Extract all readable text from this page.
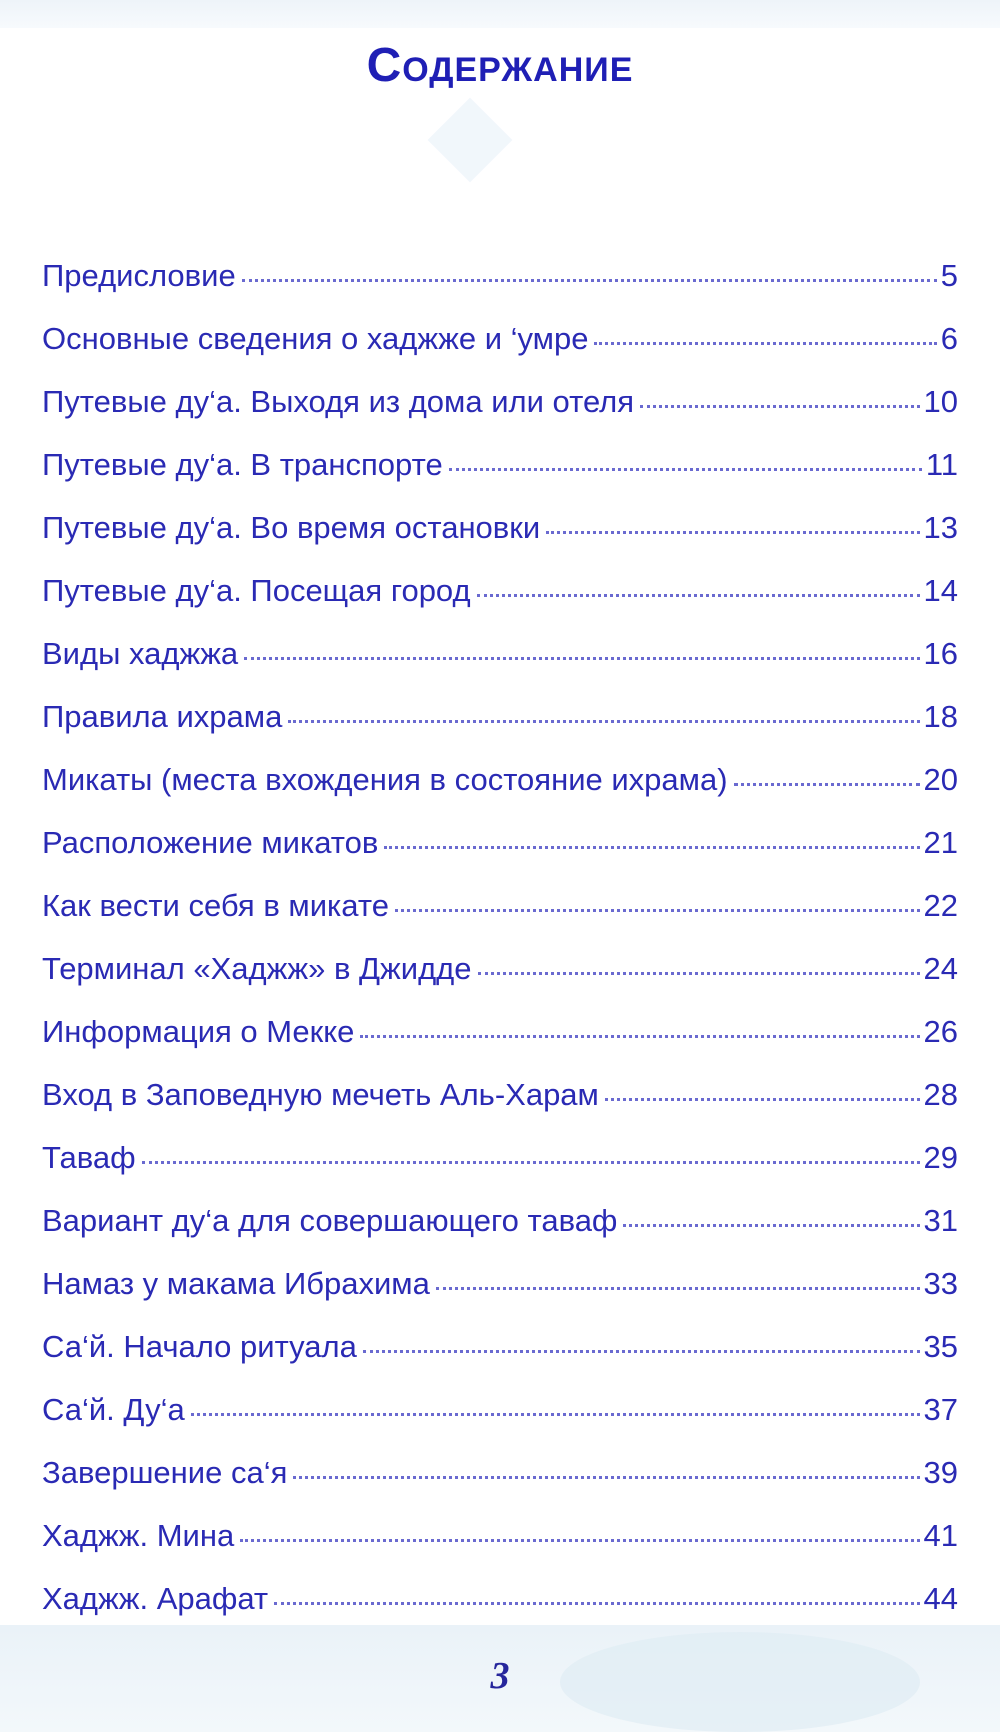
Содержание
Предисловие	5
Основные сведения о хаджже и ‘умре	6
Путевые ду‘а. Выходя из дома или отеля	10
Путевые ду‘а. В транспорте	11
Путевые ду‘а. Во время остановки	13
Путевые ду‘а. Посещая город	14
Виды хаджжа	16
Правила ихрама	18
Микаты (места вхождения в состояние ихрама)	20
Расположение микатов	21
Как вести себя в микате	22
Терминал «Хаджж» в Джидде	24
Информация о Мекке	26
Вход в Заповедную мечеть Аль-Харам	28
Таваф	29
Вариант ду‘а для совершающего таваф	31
Намаз у макама Ибрахима	33
Са‘й. Начало ритуала	35
Са‘й. Ду‘а	37
Завершение са‘я	39
Хаджж. Мина	41
Хаджж. Арафат	44
3
